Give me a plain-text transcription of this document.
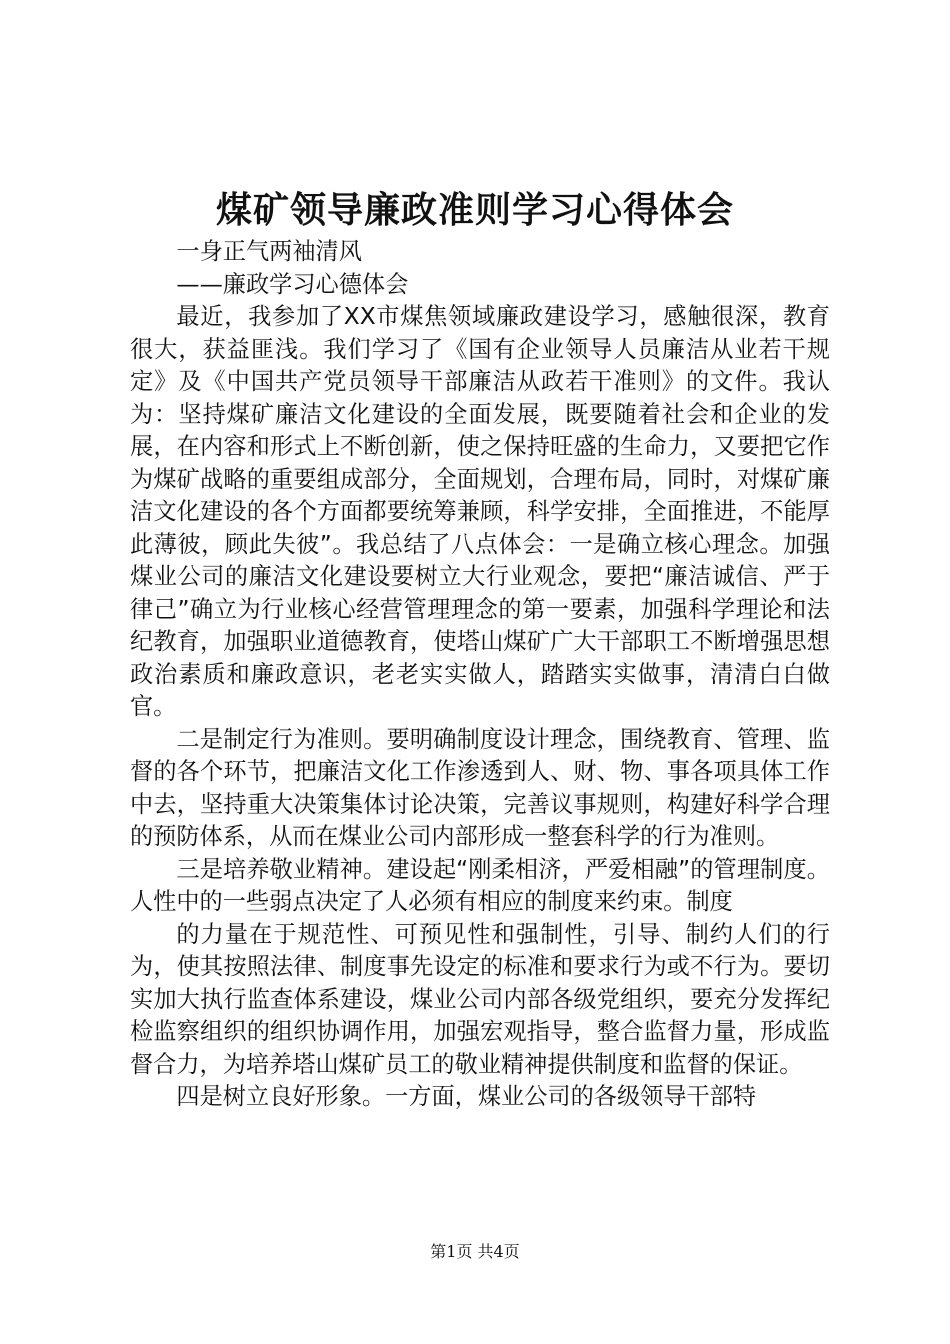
煤矿领导廉政准则学习心得体会

一身正气两袖清风

——廉政学习心德体会

最近，我参加了XX市煤焦领域廉政建设学习，感触很深，教育很大，获益匪浅。我们学习了《国有企业领导人员廉洁从业若干规定》及《中国共产党员领导干部廉洁从政若干准则》的文件。我认为：坚持煤矿廉洁文化建设的全面发展，既要随着社会和企业的发展，在内容和形式上不断创新，使之保持旺盛的生命力，又要把它作为煤矿战略的重要组成部分，全面规划，合理布局，同时，对煤矿廉洁文化建设的各个方面都要统筹兼顾，科学安排，全面推进，不能厚此薄彼，顾此失彼”。我总结了八点体会：一是确立核心理念。加强煤业公司的廉洁文化建设要树立大行业观念，要把“廉洁诚信、严于律己”确立为行业核心经营管理理念的第一要素，加强科学理论和法纪教育，加强职业道德教育，使塔山煤矿广大干部职工不断增强思想政治素质和廉政意识，老老实实做人，踏踏实实做事，清清白白做官。

二是制定行为准则。要明确制度设计理念，围绕教育、管理、监督的各个环节，把廉洁文化工作渗透到人、财、物、事各项具体工作中去，坚持重大决策集体讨论决策，完善议事规则，构建好科学合理的预防体系，从而在煤业公司内部形成一整套科学的行为准则。

三是培养敬业精神。建设起“刚柔相济，严爱相融”的管理制度。人性中的一些弱点决定了人必须有相应的制度来约束。制度

的力量在于规范性、可预见性和强制性，引导、制约人们的行为，使其按照法律、制度事先设定的标准和要求行为或不行为。要切实加大执行监查体系建设，煤业公司内部各级党组织，要充分发挥纪检监察组织的组织协调作用，加强宏观指导，整合监督力量，形成监督合力，为培养塔山煤矿员工的敬业精神提供制度和监督的保证。

四是树立良好形象。一方面，煤业公司的各级领导干部特

第1页 共4页
